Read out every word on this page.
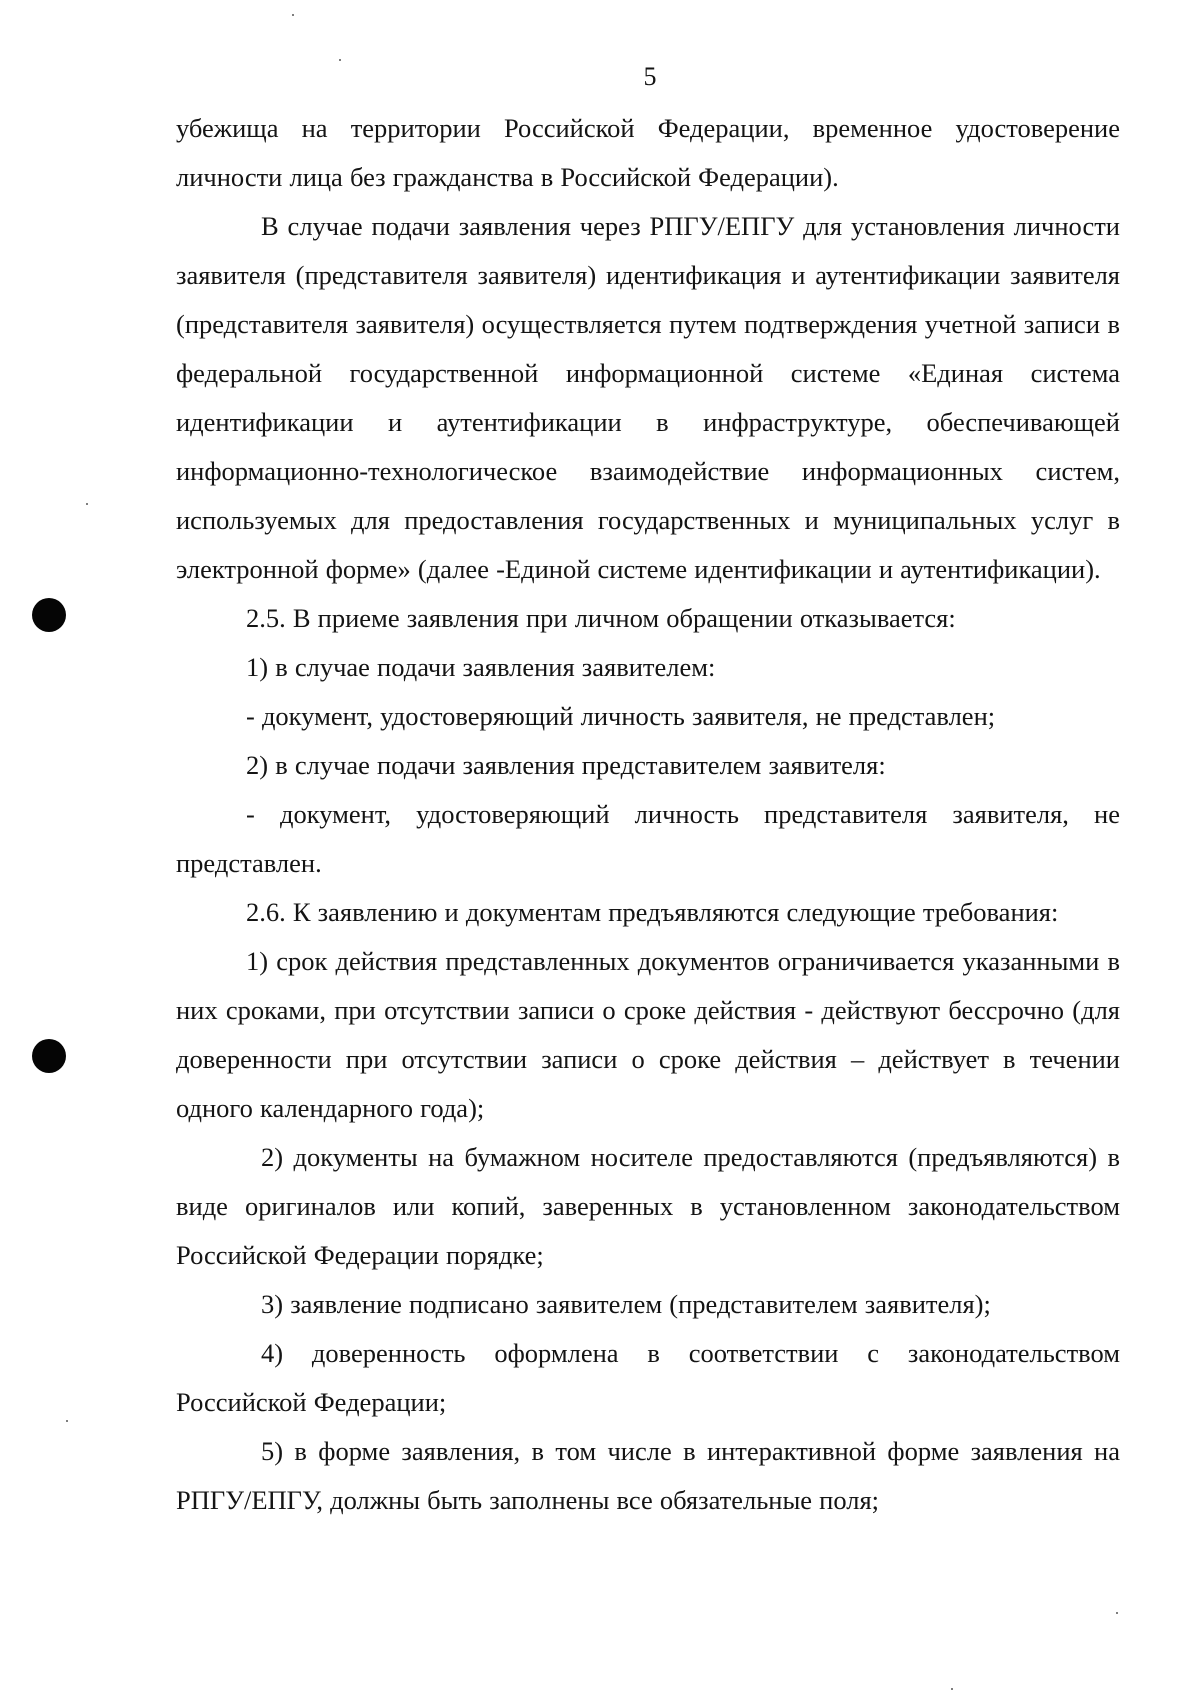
5

убежища на территории Российской Федерации, временное удостоверение личности лица без гражданства в Российской Федерации).

В случае подачи заявления через РПГУ/ЕПГУ для установления личности заявителя (представителя заявителя) идентификация и аутентификации заявителя (представителя заявителя) осуществляется путем подтверждения учетной записи в федеральной государственной информационной системе «Единая система идентификации и аутентификации в инфраструктуре, обеспечивающей информационно-технологическое взаимодействие информационных систем, используемых для предоставления государственных и муниципальных услуг в электронной форме» (далее -Единой системе идентификации и аутентификации).

2.5. В приеме заявления при личном обращении отказывается:

1) в случае подачи заявления заявителем:

- документ, удостоверяющий личность заявителя, не представлен;

2) в случае подачи заявления представителем заявителя:

- документ, удостоверяющий личность представителя заявителя, не представлен.

2.6. К заявлению и документам предъявляются следующие требования:

1) срок действия представленных документов ограничивается указанными в них сроками, при отсутствии записи о сроке действия - действуют бессрочно (для доверенности при отсутствии записи о сроке действия – действует в течении одного календарного года);

2) документы на бумажном носителе предоставляются (предъявляются) в виде оригиналов или копий, заверенных в установленном законодательством Российской Федерации порядке;

3) заявление подписано заявителем (представителем заявителя);

4) доверенность оформлена в соответствии с законодательством Российской Федерации;

5) в форме заявления, в том числе в интерактивной форме заявления на РПГУ/ЕПГУ, должны быть заполнены все обязательные поля;
